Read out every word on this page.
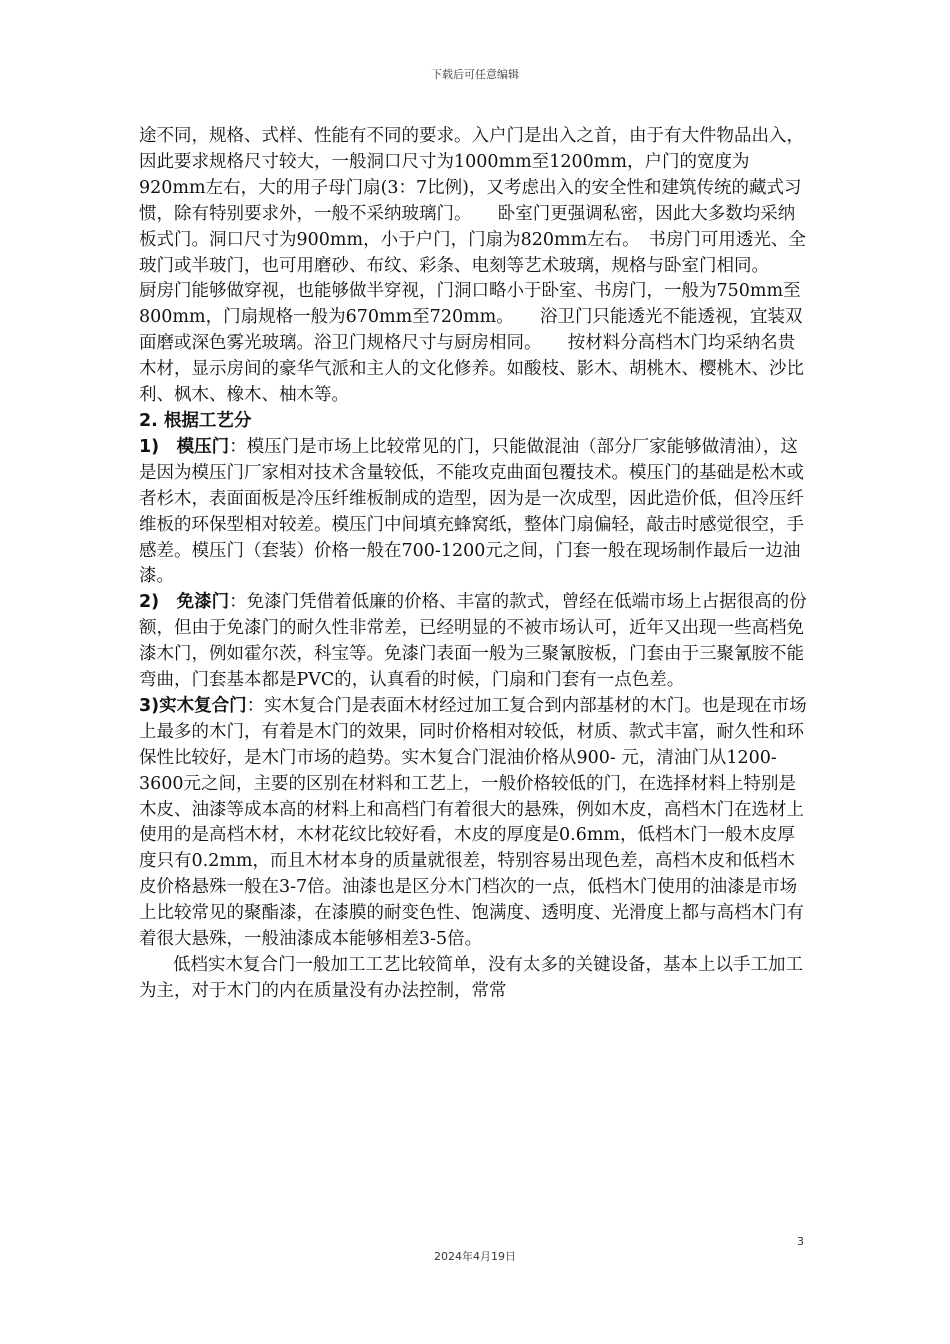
下载后可任意编辑

途不同，规格、式样、性能有不同的要求。入户门是出入之首，由于有大件物品出入，因此要求规格尺寸较大，一般洞口尺寸为1000mm至1200mm，户门的宽度为920mm左右，大的用子母门扇(3：7比例)，又考虑出入的安全性和建筑传统的藏式习惯，除有特别要求外，一般不采纳玻璃门。　　卧室门更强调私密，因此大多数均采纳板式门。洞口尺寸为900mm，小于户门，门扇为820mm左右。　书房门可用透光、全玻门或半玻门，也可用磨砂、布纹、彩条、电刻等艺术玻璃，规格与卧室门相同。　　厨房门能够做穿视，也能够做半穿视，门洞口略小于卧室、书房门，一般为750mm至800mm，门扇规格一般为670mm至720mm。　　浴卫门只能透光不能透视，宜装双面磨或深色雾光玻璃。浴卫门规格尺寸与厨房相同。　　按材料分高档木门均采纳名贵木材，显示房间的豪华气派和主人的文化修养。如酸枝、影木、胡桃木、樱桃木、沙比利、枫木、橡木、柚木等。

2. 根据工艺分

1)　模压门：模压门是市场上比较常见的门，只能做混油（部分厂家能够做清油），这是因为模压门厂家相对技术含量较低，不能攻克曲面包覆技术。模压门的基础是松木或者杉木，表面面板是冷压纤维板制成的造型，因为是一次成型，因此造价低，但冷压纤维板的环保型相对较差。模压门中间填充蜂窝纸，整体门扇偏轻，敲击时感觉很空，手感差。模压门（套装）价格一般在700-1200元之间，门套一般在现场制作最后一边油漆。

2)　免漆门：免漆门凭借着低廉的价格、丰富的款式，曾经在低端市场上占据很高的份额，但由于免漆门的耐久性非常差，已经明显的不被市场认可，近年又出现一些高档免漆木门，例如霍尔茨，科宝等。免漆门表面一般为三聚氰胺板，门套由于三聚氰胺不能弯曲，门套基本都是PVC的，认真看的时候，门扇和门套有一点色差。

3)实木复合门：实木复合门是表面木材经过加工复合到内部基材的木门。也是现在市场上最多的木门，有着是木门的效果，同时价格相对较低，材质、款式丰富，耐久性和环保性比较好，是木门市场的趋势。实木复合门混油价格从900- 元，清油门从1200-3600元之间，主要的区别在材料和工艺上，一般价格较低的门，在选择材料上特别是木皮、油漆等成本高的材料上和高档门有着很大的悬殊，例如木皮，高档木门在选材上使用的是高档木材，木材花纹比较好看，木皮的厚度是0.6mm，低档木门一般木皮厚度只有0.2mm，而且木材本身的质量就很差，特别容易出现色差，高档木皮和低档木皮价格悬殊一般在3-7倍。油漆也是区分木门档次的一点，低档木门使用的油漆是市场上比较常见的聚酯漆，在漆膜的耐变色性、饱满度、透明度、光滑度上都与高档木门有着很大悬殊，一般油漆成本能够相差3-5倍。

低档实木复合门一般加工工艺比较简单，没有太多的关键设备，基本上以手工加工为主，对于木门的内在质量没有办法控制，常常

3
2024年4月19日
